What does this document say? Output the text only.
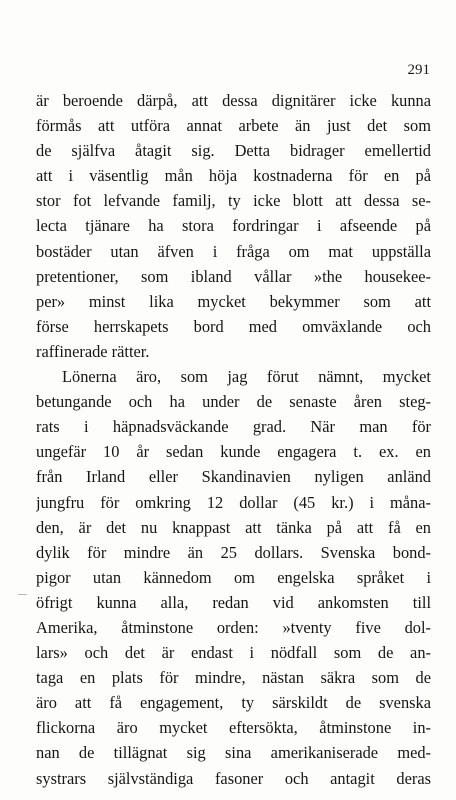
291
är beroende därpå, att dessa dignitärer icke kunna
förmås att utföra annat arbete än just det som
de själfva åtagit sig. Detta bidrager emellertid
att i väsentlig mån höja kostnaderna för en på
stor fot lefvande familj, ty icke blott att dessa se-
lecta tjänare ha stora fordringar i afseende på
bostäder utan äfven i fråga om mat uppställa
pretentioner, som ibland vållar »the housekee-
per» minst lika mycket bekymmer som att
förse herrskapets bord med omväxlande och
raffinerade rätter.
Lönerna äro, som jag förut nämnt, mycket
betungande och ha under de senaste åren steg-
rats i häpnadsväckande grad. När man för
ungefär 10 år sedan kunde engagera t. ex. en
från Irland eller Skandinavien nyligen anländ
jungfru för omkring 12 dollar (45 kr.) i måna-
den, är det nu knappast att tänka på att få en
dylik för mindre än 25 dollars. Svenska bond-
pigor utan kännedom om engelska språket i
öfrigt kunna alla, redan vid ankomsten till
Amerika, åtminstone orden: »tventy five dol-
lars» och det är endast i nödfall som de an-
taga en plats för mindre, nästan säkra som de
äro att få engagement, ty särskildt de svenska
flickorna äro mycket eftersökta, åtminstone in-
nan de tillägnat sig sina amerikaniserade med-
systrars självständiga fasoner och antagit deras
